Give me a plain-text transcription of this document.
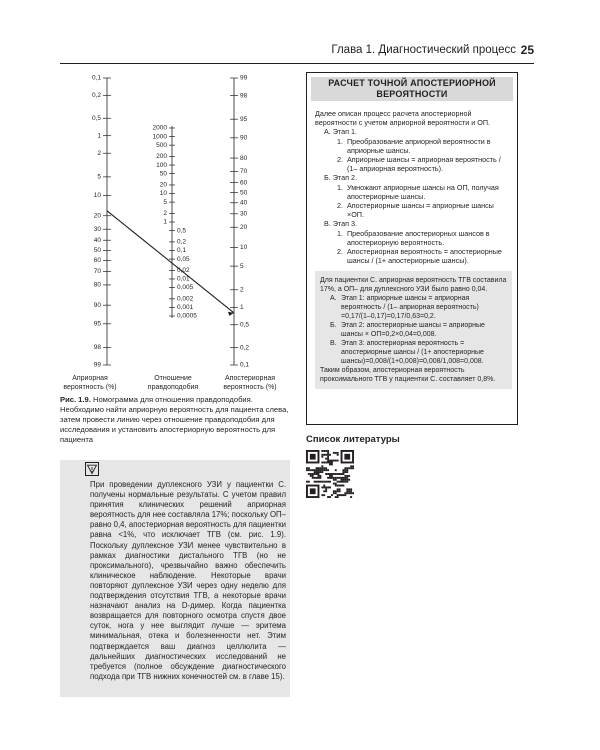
Глава 1. Диагностический процесс 25
0,1
0,2
0,5
1
2
5
10
20
30
40
50
60
70
80
90
95
98
99
2000
1000
500
200
100
50
20
10
5
2
1
0,5
0,2
0,1
0,05
0,02
0,01
0,005
0,002
0,001
0,0005
99
98
95
90
80
70
60
50
40
30
20
10
5
2
1
0,5
0,2
0,1
Априорная вероятность (%)
Отношение правдоподобия
Апостериорная вероятность (%)
Рис. 1.9. Номограмма для отношения правдоподобия. Необходимо найти априорную вероятность для пациента слева, затем провести линию через отношение правдоподобия для исследования и установить апостериорную вероятность для пациента
РАСЧЕТ ТОЧНОЙ АПОСТЕРИОРНОЙ ВЕРОЯТНОСТИ

Далее описан процесс расчета апостериорной вероятности с учетом априорной вероятности и ОП.

А. Этап 1.
1. Преобразование априорной вероятности в априорные шансы.
2. Априорные шансы = априорная вероятность / (1– априорная вероятность).
Б. Этап 2.
1. Умножают априорные шансы на ОП, получая апостериорные шансы.
2. Апостериорные шансы = априорные шансы ×ОП.
В. Этап 3.
1. Преобразование апостериорных шансов в апостериорную вероятность.
2. Апостериорная вероятность = апостериорные шансы / (1+ апостериорные шансы).

Для пациентки С. априорная вероятность ТГВ составила 17%, а ОП– для дуплексного УЗИ было равно 0,04.

А. Этап 1: априорные шансы = априорная вероятность / (1– априорная вероятность) =0,17/(1–0,17)=0,17/0,63=0,2.
Б. Этап 2: апостериорные шансы = априорные шансы × ОП=0,2×0,04=0,008.
В. Этап 3: апостериорная вероятность = апостериорные шансы / (1+ апостериорные шансы)=0,008/(1+0,008)=0,008/1,008=0,008.

Таким образом, апостериорная вероятность проксимального ТГВ у пациентки С. составляет 0,8%.

Список литературы
При проведении дуплексного УЗИ у пациентки С. получены нормальные результаты. С учетом правил принятия клинических решений априорная вероятность для нее составляла 17%; поскольку ОП– равно 0,4, апостериорная вероятность для пациентки равна <1%, что исключает ТГВ (см. рис. 1.9). Поскольку дуплексное УЗИ менее чувствительно в рамках диагностики дистального ТГВ (но не проксимального), чрезвычайно важно обеспечить клиническое наблюдение. Некоторые врачи повторяют дуплексное УЗИ через одну неделю для подтверждения отсутствия ТГВ, а некоторые врачи назначают анализ на D-димер. Когда пациентка возвращается для повторного осмотра спустя двое суток, нога у нее выглядит лучше — эритема минимальная, отека и болезненности нет. Этим подтверждается ваш диагноз целлюлита — дальнейших диагностических исследований не требуется (полное обсуждение диагностического подхода при ТГВ нижних конечностей см. в главе 15).
